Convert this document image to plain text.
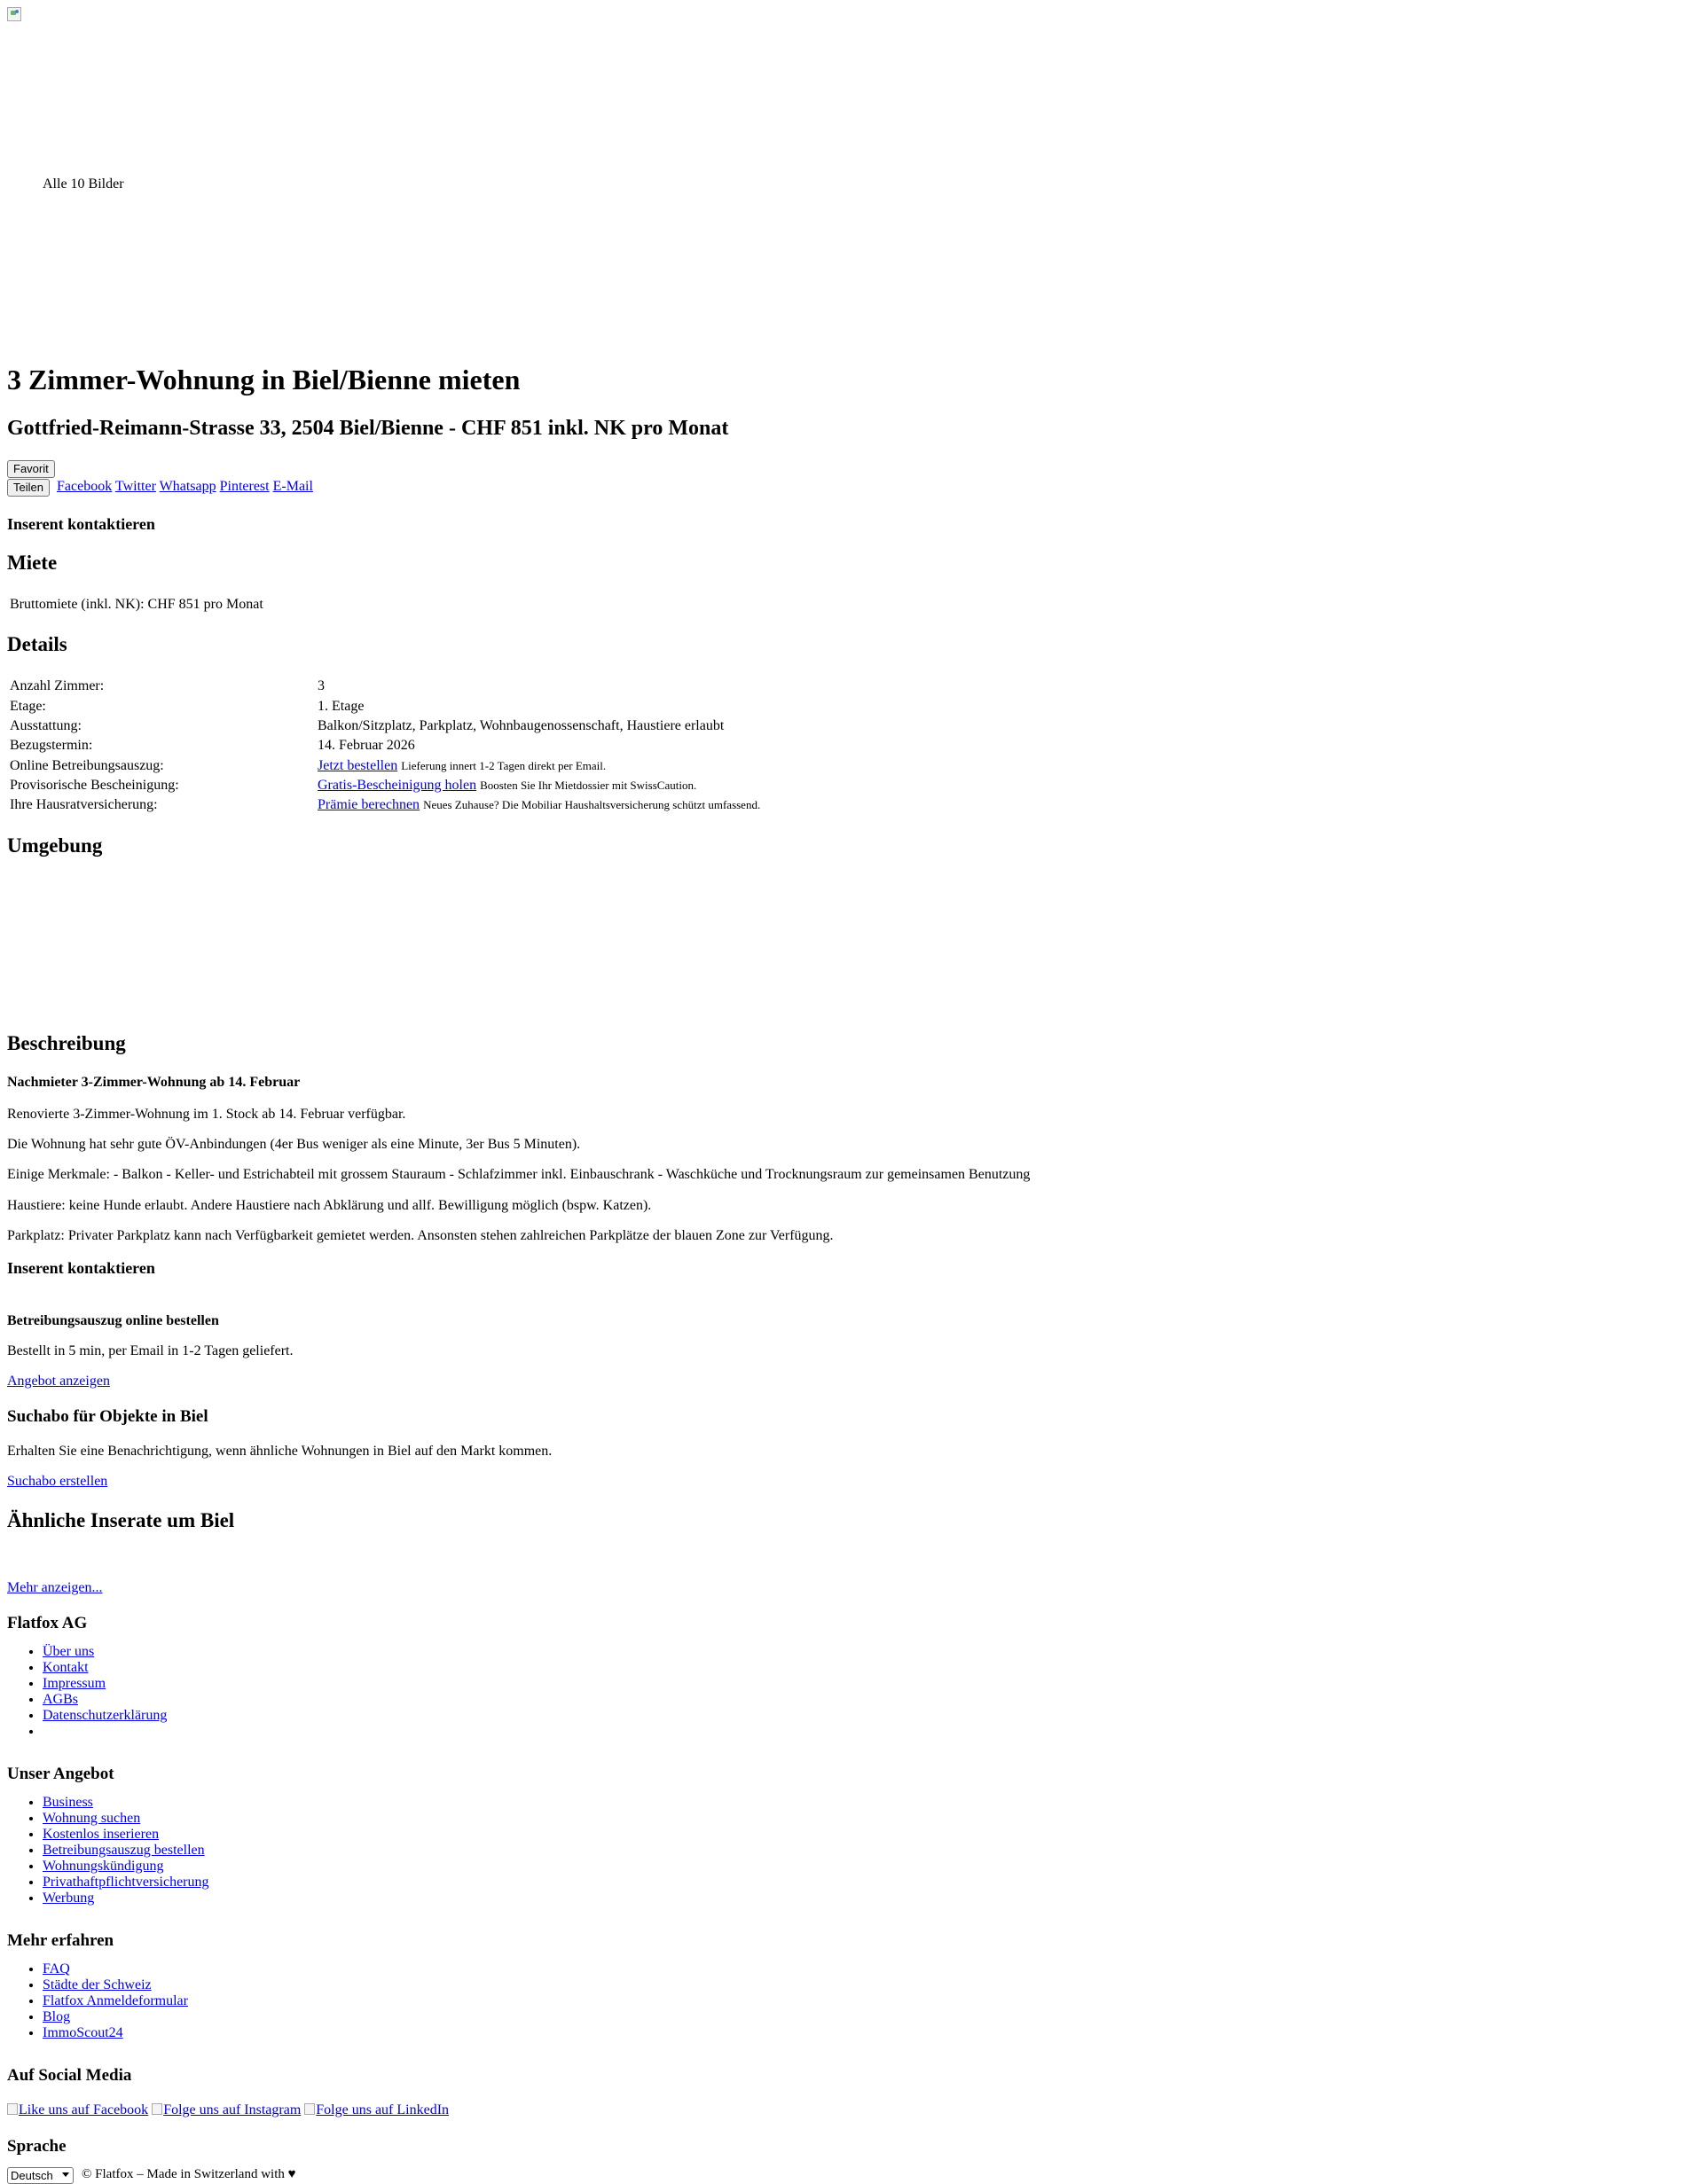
Alle 10 Bilder
3 Zimmer-Wohnung in Biel/Bienne mieten
Gottfried-Reimann-Strasse 33, 2504 Biel/Bienne - CHF 851 inkl. NK pro Monat
Favorit
Teilen Facebook Twitter Whatsapp Pinterest E-Mail
Inserent kontaktieren
Miete
Bruttomiete (inkl. NK): CHF 851 pro Monat
Details
Anzahl Zimmer:	3
Etage:	1. Etage
Ausstattung:	Balkon/Sitzplatz, Parkplatz, Wohnbaugenossenschaft, Haustiere erlaubt
Bezugstermin:	14. Februar 2026
Online Betreibungsauszug:	Jetzt bestellen Lieferung innert 1-2 Tagen direkt per Email.
Provisorische Bescheinigung:	Gratis-Bescheinigung holen Boosten Sie Ihr Mietdossier mit SwissCaution.
Ihre Hausratversicherung:	Prämie berechnen Neues Zuhause? Die Mobiliar Haushaltsversicherung schützt umfassend.
Umgebung
Beschreibung
Nachmieter 3-Zimmer-Wohnung ab 14. Februar

Renovierte 3-Zimmer-Wohnung im 1. Stock ab 14. Februar verfügbar.

Die Wohnung hat sehr gute ÖV-Anbindungen (4er Bus weniger als eine Minute, 3er Bus 5 Minuten).

Einige Merkmale: - Balkon - Keller- und Estrichabteil mit grossem Stauraum - Schlafzimmer inkl. Einbauschrank - Waschküche und Trocknungsraum zur gemeinsamen Benutzung

Haustiere: keine Hunde erlaubt. Andere Haustiere nach Abklärung und allf. Bewilligung möglich (bspw. Katzen).

Parkplatz: Privater Parkplatz kann nach Verfügbarkeit gemietet werden. Ansonsten stehen zahlreichen Parkplätze der blauen Zone zur Verfügung.

Inserent kontaktieren
Betreibungsauszug online bestellen

Bestellt in 5 min, per Email in 1-2 Tagen geliefert.

Angebot anzeigen
Suchabo für Objekte in Biel

Erhalten Sie eine Benachrichtigung, wenn ähnliche Wohnungen in Biel auf den Markt kommen.

Suchabo erstellen
Ähnliche Inserate um Biel
Mehr anzeigen...
Flatfox AG
• Über uns
• Kontakt
• Impressum
• AGBs
• Datenschutzerklärung
•
Unser Angebot
• Business
• Wohnung suchen
• Kostenlos inserieren
• Betreibungsauszug bestellen
• Wohnungskündigung
• Privathaftpflichtversicherung
• Werbung
Mehr erfahren
• FAQ
• Städte der Schweiz
• Flatfox Anmeldeformular
• Blog
• ImmoScout24
Auf Social Media
Like uns auf Facebook Folge uns auf Instagram Folge uns auf LinkedIn
Sprache
Deutsch	© Flatfox – Made in Switzerland with ♥
